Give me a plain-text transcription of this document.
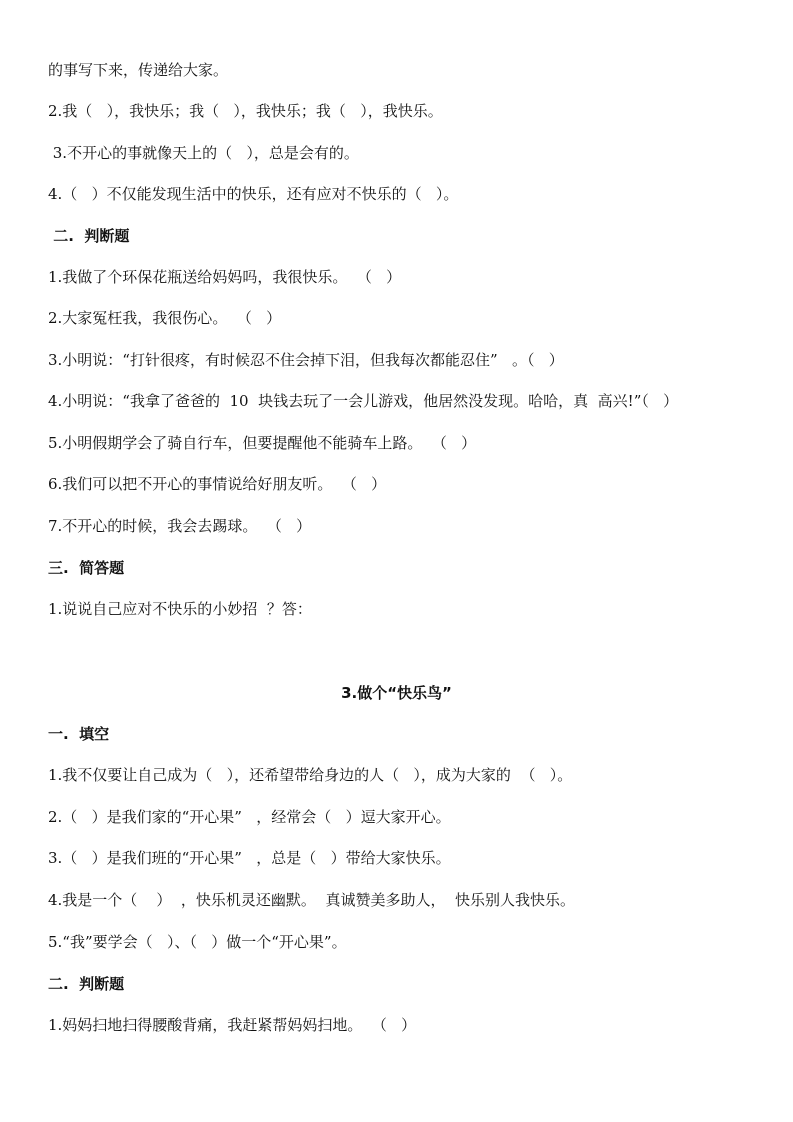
的事写下来，传递给大家。
2.我（   ），我快乐；我（   ），我快乐；我（   ），我快乐。
3.不开心的事就像天上的（   ），总是会有的。
4.（   ）不仅能发现生活中的快乐，还有应对不快乐的（   ）。
二.  判断题
1.我做了个环保花瓶送给妈妈吗，我很快乐。  （   ）
2.大家冤枉我，我很伤心。  （   ）
3.小明说：“打针很疼，有时候忍不住会掉下泪，但我每次都能忍住”   。（   ）
4.小明说：“我拿了爸爸的  10  块钱去玩了一会儿游戏，他居然没发现。哈哈，真  高兴!”（   ）
5.小明假期学会了骑自行车，但要提醒他不能骑车上路。  （   ）
6.我们可以把不开心的事情说给好朋友听。  （   ）
7.不开心的时候，我会去踢球。  （   ）
三.  简答题
1.说说自己应对不快乐的小妙招  ？答：
3.做个“快乐鸟”
一.  填空
1.我不仅要让自己成为（   ），还希望带给身边的人（   ），成为大家的  （   ）。
2.（   ）是我们家的“开心果”   ，经常会（   ）逗大家开心。
3.（   ）是我们班的“开心果”   ，总是（   ）带给大家快乐。
4.我是一个（    ）  ，快乐机灵还幽默。  真诚赞美多助人，  快乐别人我快乐。
5.“我”要学会（   ）、（   ）做一个“开心果”。
二.  判断题
1.妈妈扫地扫得腰酸背痛，我赶紧帮妈妈扫地。  （   ）
